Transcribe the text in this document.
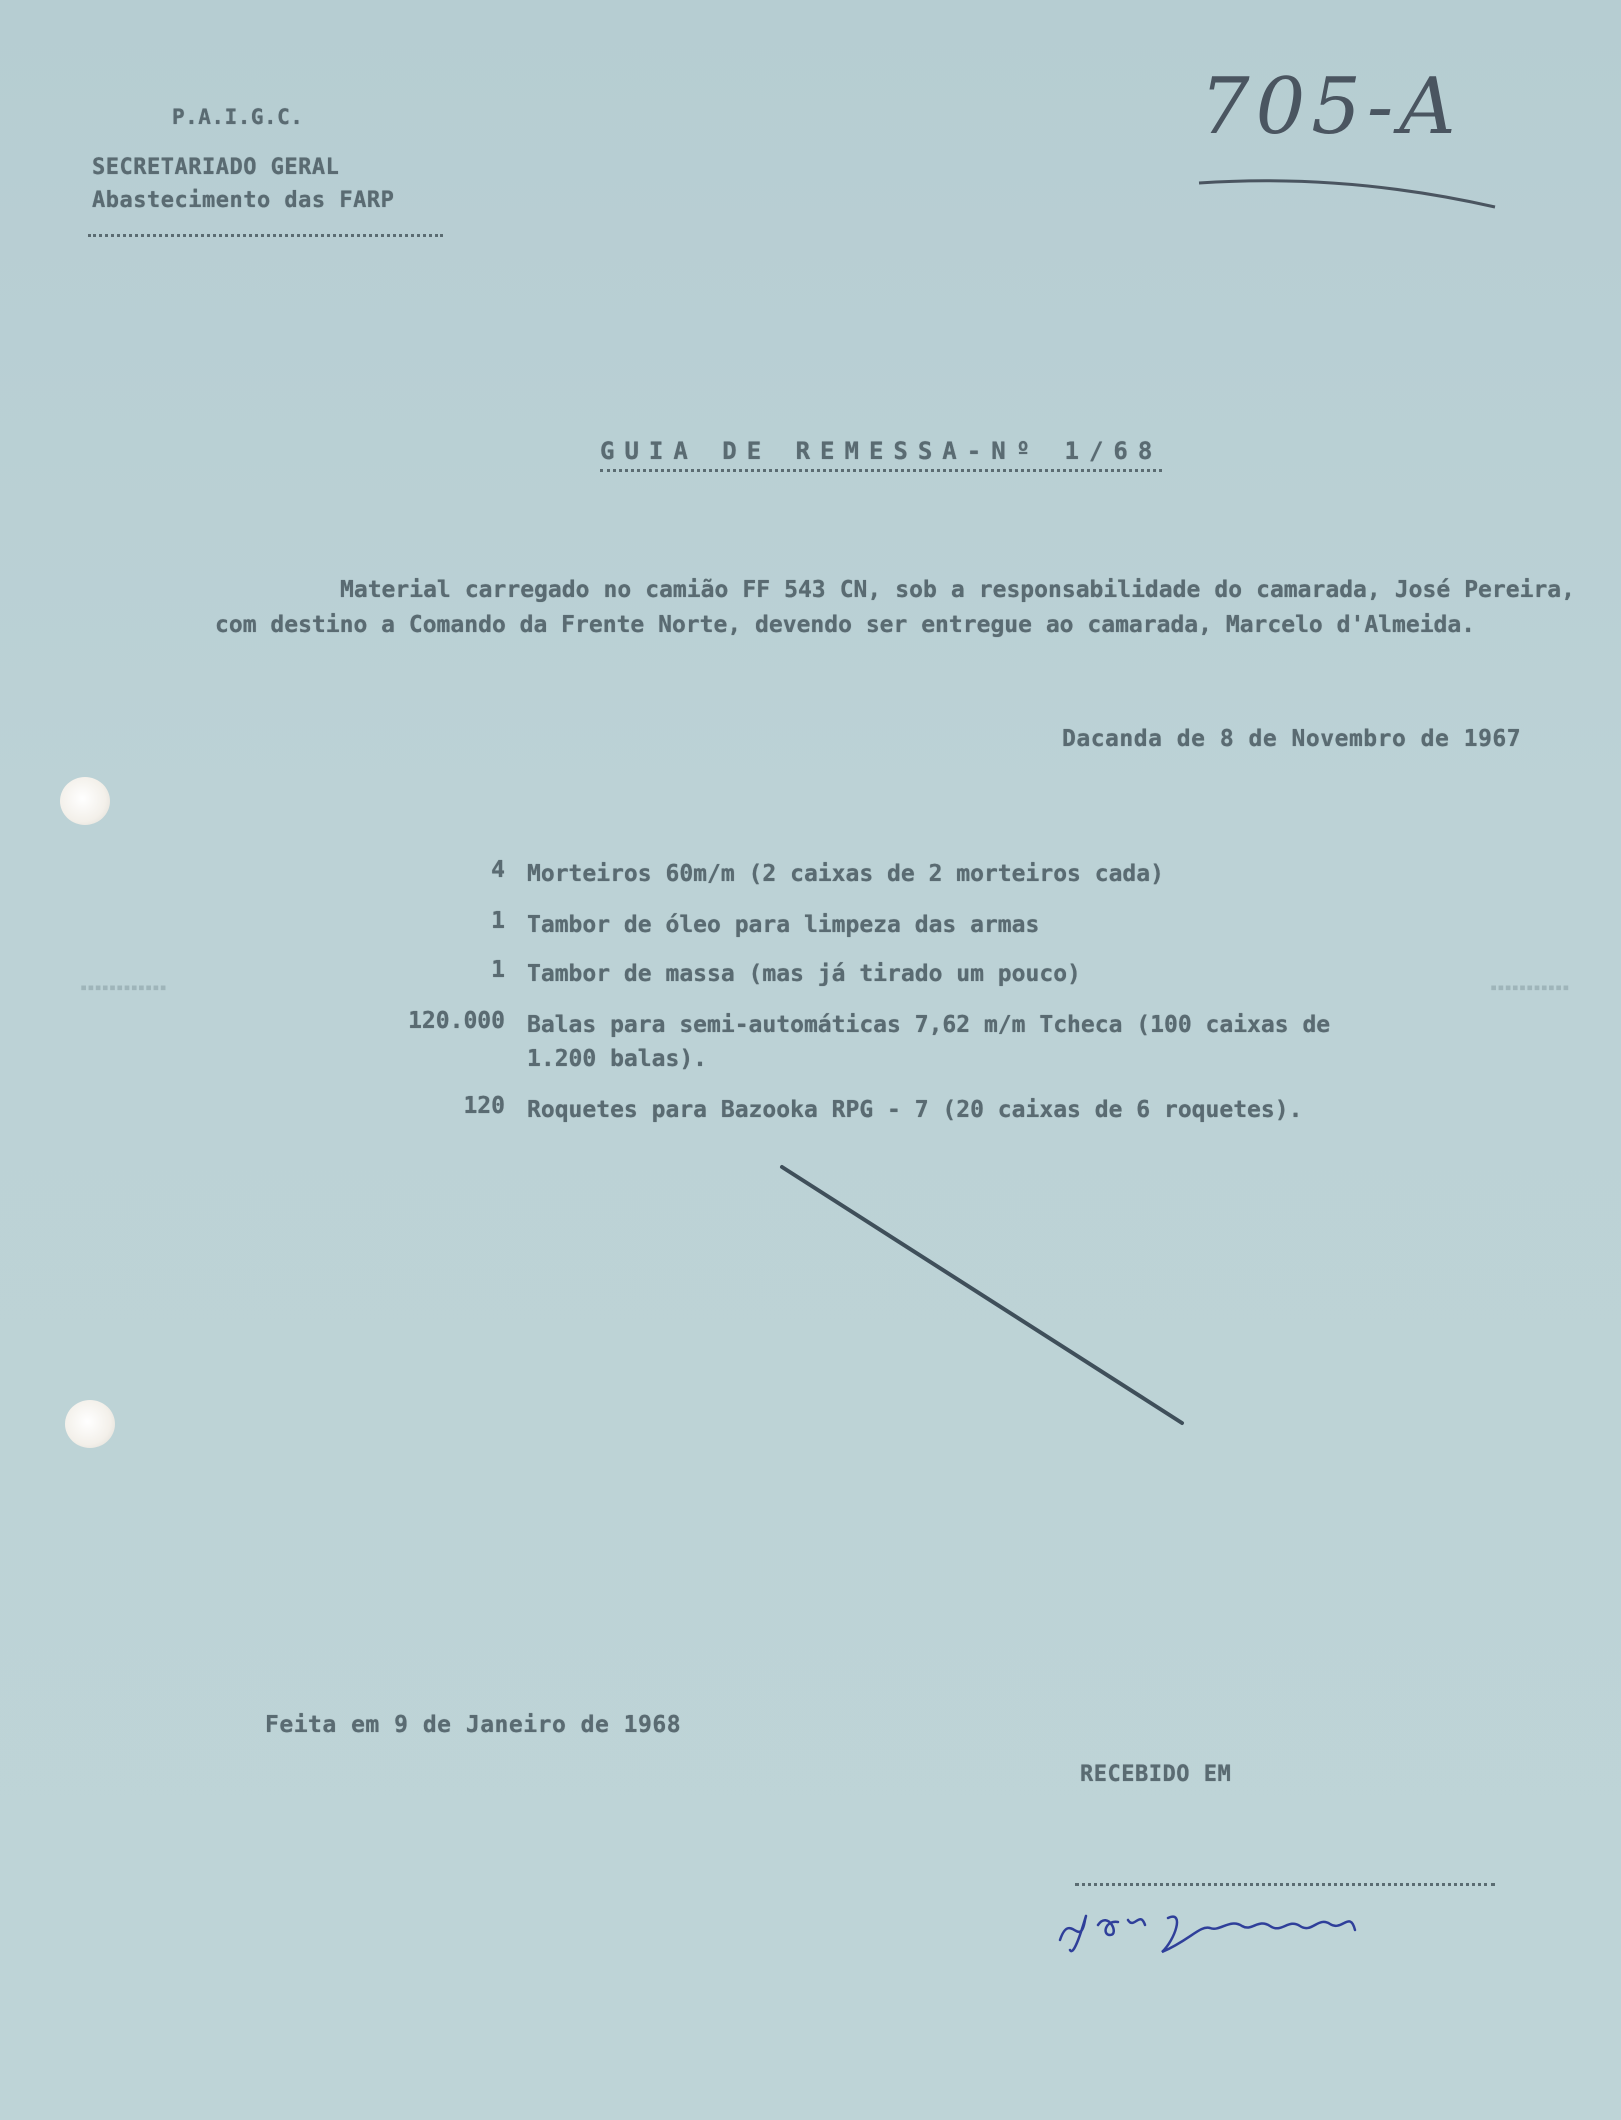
▪▪▪▪▪▪▪▪▪▪▪▪	▪▪▪▪▪▪▪▪▪▪▪
P.A.I.G.C.
SECRETARIADO GERAL
Abastecimento das FARP
705-A
GUIA DE REMESSA-Nº 1/68
Material carregado no camião FF 543 CN, sob a responsabilidade do camarada, José Pereira, com destino a Comando da Frente Norte, devendo ser entregue ao camarada, Marcelo d'Almeida.
Dacanda de 8 de Novembro de 1967
4 Morteiros 60m/m (2 caixas de 2 morteiros cada)
1 Tambor de óleo para limpeza das armas
1 Tambor de massa (mas já tirado um pouco)
120.000 Balas para semi-automáticas 7,62 m/m Tcheca (100 caixas de 1.200 balas).
120 Roquetes para Bazooka RPG - 7 (20 caixas de 6 roquetes).
Feita em 9 de Janeiro de 1968
RECEBIDO EM
